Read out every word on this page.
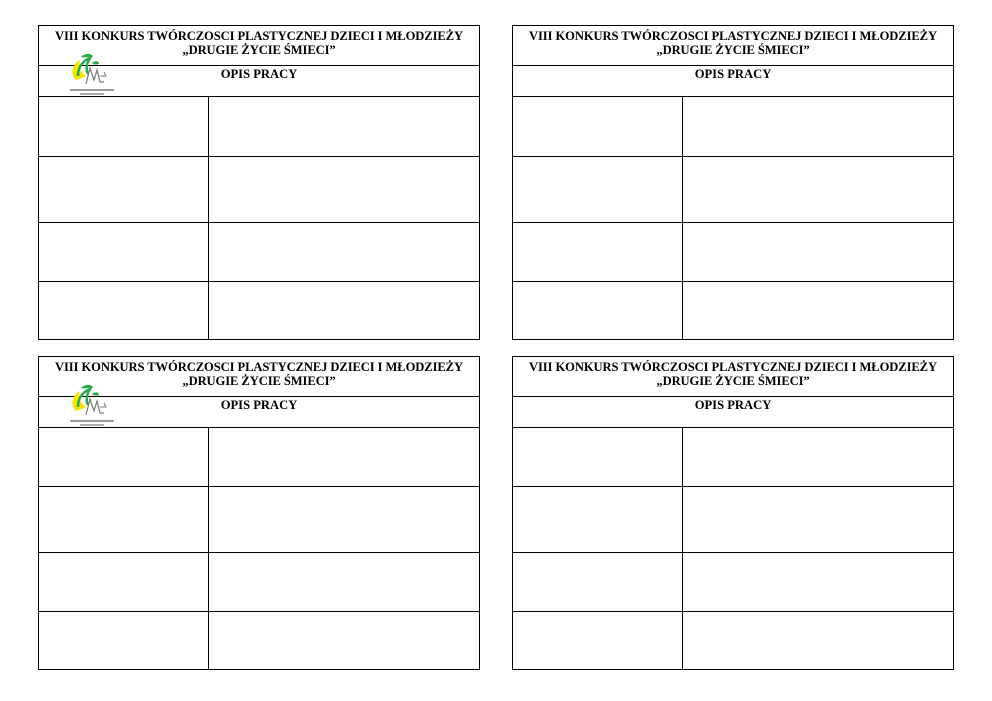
VIII KONKURS TWÓRCZOSCI PLASTYCZNEJ DZIECI I MŁODZIEŻY
„DRUGIE ŻYCIE ŚMIECI”
OPIS PRACY
VIII KONKURS TWÓRCZOSCI PLASTYCZNEJ DZIECI I MŁODZIEŻY
„DRUGIE ŻYCIE ŚMIECI”
OPIS PRACY
VIII KONKURS TWÓRCZOSCI PLASTYCZNEJ DZIECI I MŁODZIEŻY
„DRUGIE ŻYCIE ŚMIECI”
OPIS PRACY
VIII KONKURS TWÓRCZOSCI PLASTYCZNEJ DZIECI I MŁODZIEŻY
„DRUGIE ŻYCIE ŚMIECI”
OPIS PRACY
